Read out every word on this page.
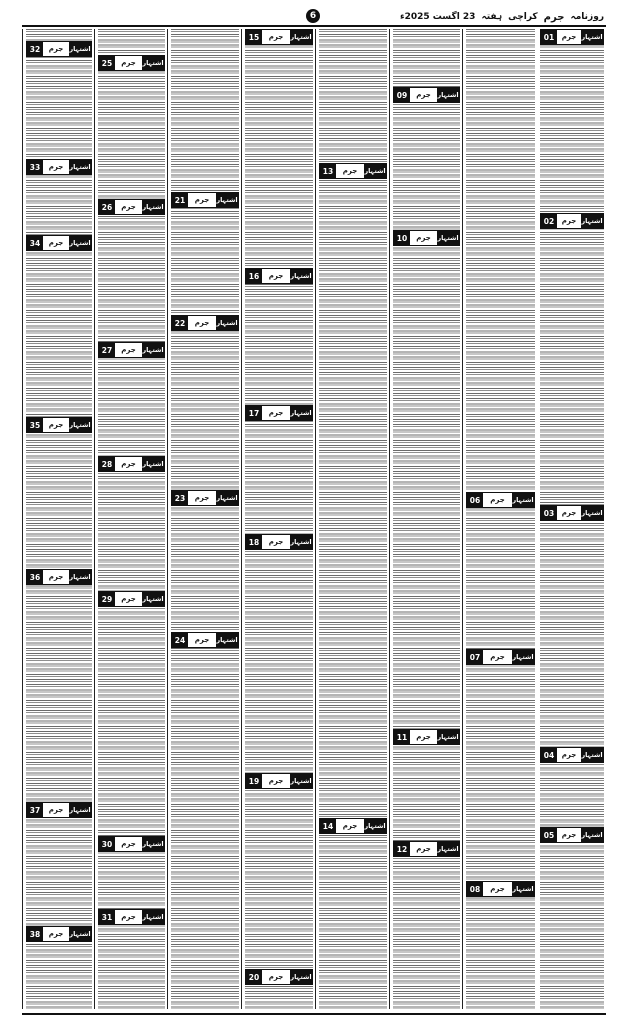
روزنامہ
جرم
کراچی
ہفتہ
23 اگست 2025ء
6
01	جرم اشتہار
02	جرم اشتہار
03	جرم اشتہار
04	جرم اشتہار
05	جرم اشتہار
06	جرم	اشتہار
07	جرم	اشتہار
08	جرم	اشتہار
09	جرم	اشتہار
10	جرم	اشتہار
11	جرم	اشتہار
12	جرم	اشتہار
13	جرم	اشتہار
14	جرم	اشتہار
15	جرم	اشتہار
16	جرم	اشتہار
17	جرم	اشتہار
18	جرم	اشتہار
19	جرم	اشتہار
20	جرم	اشتہار
21	جرم	اشتہار
22	جرم	اشتہار
23	جرم	اشتہار
24	جرم	اشتہار
25	جرم	اشتہار
26	جرم	اشتہار
27	جرم	اشتہار
28	جرم	اشتہار
29	جرم	اشتہار
30	جرم	اشتہار
31	جرم	اشتہار
32	جرم اشتہار
33	جرم اشتہار
34	جرم اشتہار
35	جرم اشتہار
36	جرم اشتہار
37	جرم اشتہار
38	جرم اشتہار
